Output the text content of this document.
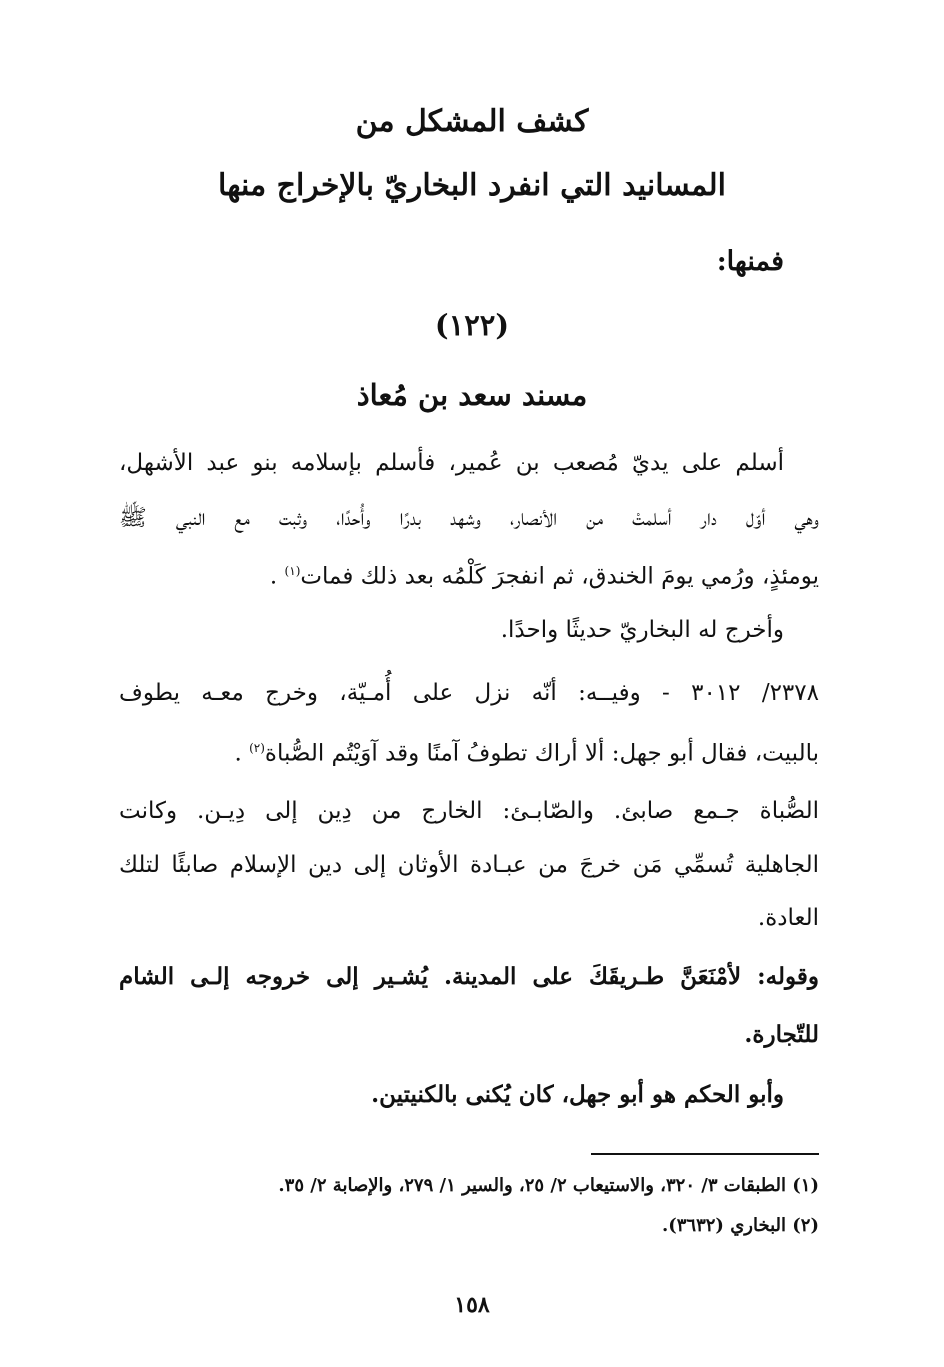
كشف المشكل من
المسانيد التي انفرد البخاريّ بالإخراج منها
فمنها:
(١٢٢)
مسند سعد بن مُعاذ
أسلم على يديّ مُصعب بن عُمير، فأسلم بإسلامه بنو عبد الأشهل،
وهي أوّل دار أسلمتْ من الأنصار، وشهد بدرًا وأُحدًا، وثبت مع النبي ﷺ
يومئذٍ، ورُمي يومَ الخندق، ثم انفجرَ كَلْمُه بعد ذلك فمات$^{(١)}$ .
وأخرج له البخاريّ حديثًا واحدًا.
٢٣٧٨/ ٣٠١٢ - وفيــه: أنّه نزل على أُمـيّة، وخرج معـه يطوف
بالبيت، فقال أبو جهل: ألا أراك تطوفُ آمنًا وقد آوَيْتُم الصُّباة$^{(٢)}$ .
الصُّباة جـمع صابئ. والصّابـئ: الخارج من دِين إلى دِيـن. وكانت
الجاهلية تُسمِّي مَن خرجَ من عبـادة الأوثان إلى دين الإسلام صابئًا لتلك
العادة.
وقوله: لأمْنَعَنَّ طـريقَكَ على المدينة. يُشـير إلى خروجه إلـى الشام
للتّجارة.
وأبو الحكم هو أبو جهل، كان يُكنى بالكنيتين.
(١) الطبقات ٣/ ٣٢٠، والاستيعاب ٢/ ٢٥، والسير ١/ ٢٧٩، والإصابة ٢/ ٣٥.
(٢) البخاري (٣٦٣٢).
١٥٨
